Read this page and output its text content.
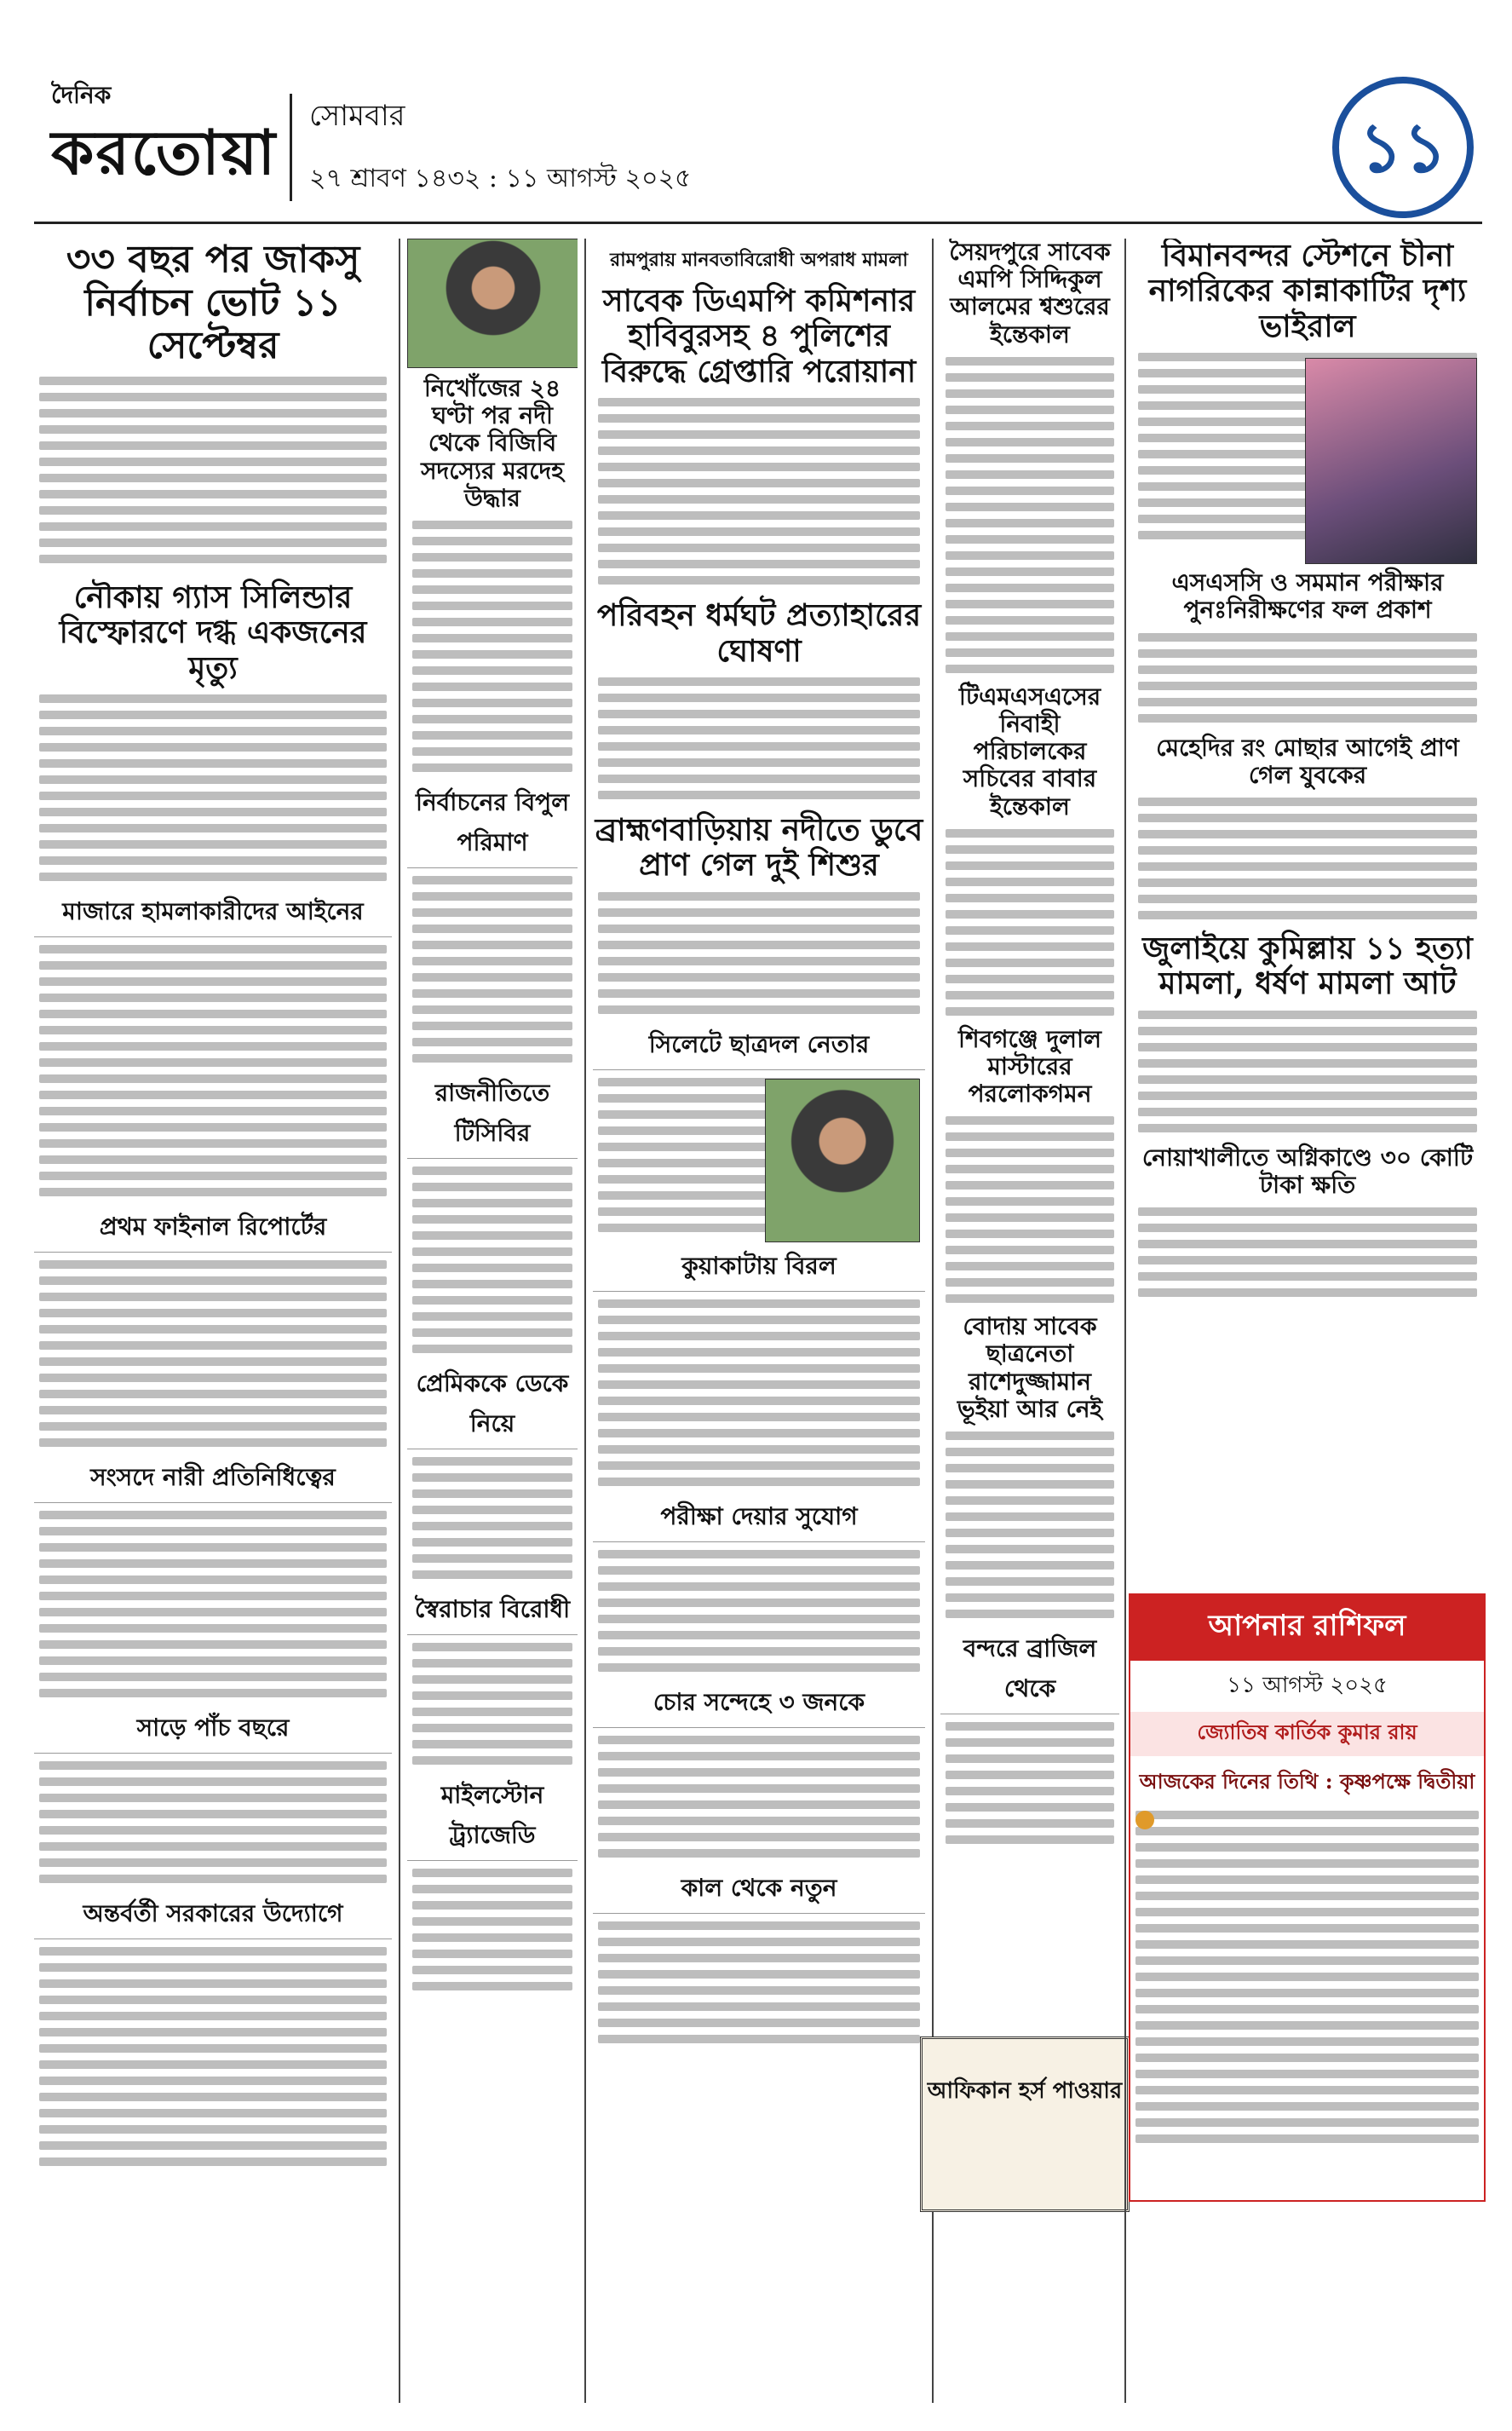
দৈনিক
করতোয়া সোমবার
২৭ শ্রাবণ ১৪৩২ : ১১ আগস্ট ২০২৫	১১
৩৩ বছর পর জাকসু নির্বাচন ভোট ১১ সেপ্টেম্বর
নৌকায় গ্যাস সিলিন্ডার বিস্ফোরণে দগ্ধ একজনের মৃত্যু
মাজারে হামলাকারীদের আইনের
প্রথম ফাইনাল রিপোর্টের
সংসদে নারী প্রতিনিধিত্বের
সাড়ে পাঁচ বছরে
অন্তর্বর্তী সরকারের উদ্যোগে
নিখোঁজের ২৪ ঘণ্টা পর নদী থেকে বিজিবি সদস্যের মরদেহ উদ্ধার
নির্বাচনের বিপুল পরিমাণ
রাজনীতিতে টিসিবির
প্রেমিককে ডেকে নিয়ে
স্বৈরাচার বিরোধী
মাইলস্টোন ট্র্যাজেডি
রামপুরায় মানবতাবিরোধী অপরাধ মামলা
সাবেক ডিএমপি কমিশনার হাবিবুরসহ ৪ পুলিশের বিরুদ্ধে গ্রেপ্তারি পরোয়ানা
পরিবহন ধর্মঘট প্রত্যাহারের ঘোষণা
ব্রাহ্মণবাড়িয়ায় নদীতে ডুবে প্রাণ গেল দুই শিশুর
সিলেটে ছাত্রদল নেতার
কুয়াকাটায় বিরল
পরীক্ষা দেয়ার সুযোগ
চোর সন্দেহে ৩ জনকে
কাল থেকে নতুন
সৈয়দপুরে সাবেক এমপি সিদ্দিকুল আলমের শ্বশুরের ইন্তেকাল
টিএমএসএসের নিবাহী পরিচালকের সচিবের বাবার ইন্তেকাল
শিবগঞ্জে দুলাল মাস্টারের পরলোকগমন
বোদায় সাবেক ছাত্রনেতা রাশেদুজ্জামান ভূইয়া আর নেই
বন্দরে ব্রাজিল থেকে
আফিকান হর্স পাওয়ার
বিমানবন্দর স্টেশনে চীনা নাগরিকের কান্নাকাটির দৃশ্য ভাইরাল
এসএসসি ও সমমান পরীক্ষার পুনঃনিরীক্ষণের ফল প্রকাশ
মেহেদির রং মোছার আগেই প্রাণ গেল যুবকের
জুলাইয়ে কুমিল্লায় ১১ হত্যা মামলা, ধর্ষণ মামলা আট
নোয়াখালীতে অগ্নিকাণ্ডে ৩০ কোটি টাকা ক্ষতি
আপনার রাশিফল
১১ আগস্ট ২০২৫
জ্যোতিষ কার্তিক কুমার রায়
আজকের দিনের তিথি : কৃষ্ণপক্ষে দ্বিতীয়া
